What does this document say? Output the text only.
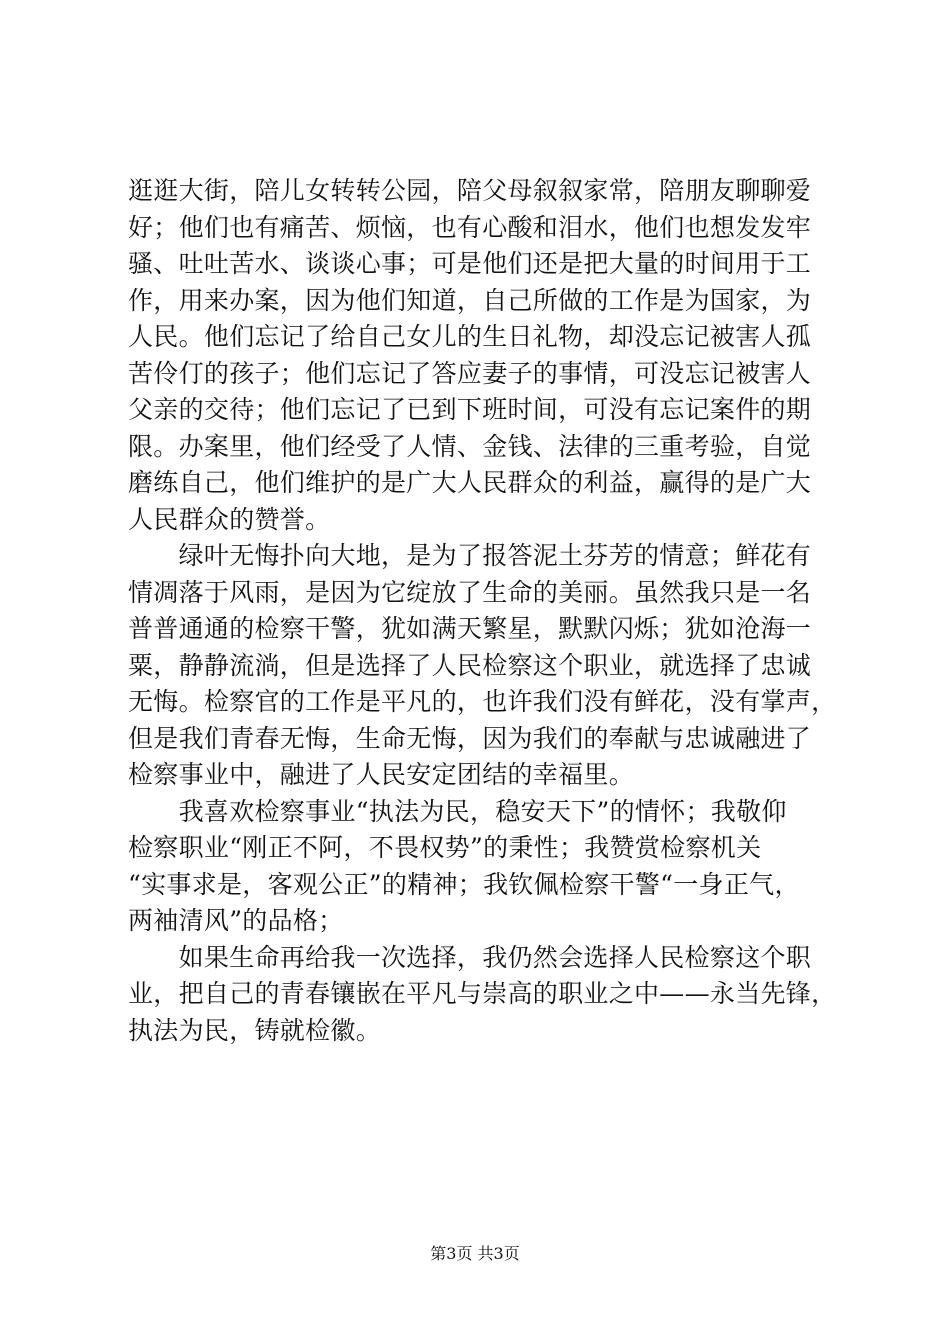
逛逛大街，陪儿女转转公园，陪父母叙叙家常，陪朋友聊聊爱
好；他们也有痛苦、烦恼，也有心酸和泪水，他们也想发发牢
骚、吐吐苦水、谈谈心事；可是他们还是把大量的时间用于工
作，用来办案，因为他们知道，自己所做的工作是为国家，为
人民。他们忘记了给自己女儿的生日礼物，却没忘记被害人孤
苦伶仃的孩子；他们忘记了答应妻子的事情，可没忘记被害人
父亲的交待；他们忘记了已到下班时间，可没有忘记案件的期
限。办案里，他们经受了人情、金钱、法律的三重考验，自觉
磨练自己，他们维护的是广大人民群众的利益，赢得的是广大
人民群众的赞誉。
　　绿叶无悔扑向大地，是为了报答泥土芬芳的情意；鲜花有
情凋落于风雨，是因为它绽放了生命的美丽。虽然我只是一名
普普通通的检察干警，犹如满天繁星，默默闪烁；犹如沧海一
粟，静静流淌，但是选择了人民检察这个职业，就选择了忠诚
无悔。检察官的工作是平凡的，也许我们没有鲜花，没有掌声，
但是我们青春无悔，生命无悔，因为我们的奉献与忠诚融进了
检察事业中，融进了人民安定团结的幸福里。
　　我喜欢检察事业“执法为民，稳安天下”的情怀；我敬仰
检察职业“刚正不阿，不畏权势”的秉性；我赞赏检察机关
“实事求是，客观公正”的精神；我钦佩检察干警“一身正气，
两袖清风”的品格；
　　如果生命再给我一次选择，我仍然会选择人民检察这个职
业，把自己的青春镶嵌在平凡与崇高的职业之中——永当先锋，
执法为民，铸就检徽。
第3页 共3页
